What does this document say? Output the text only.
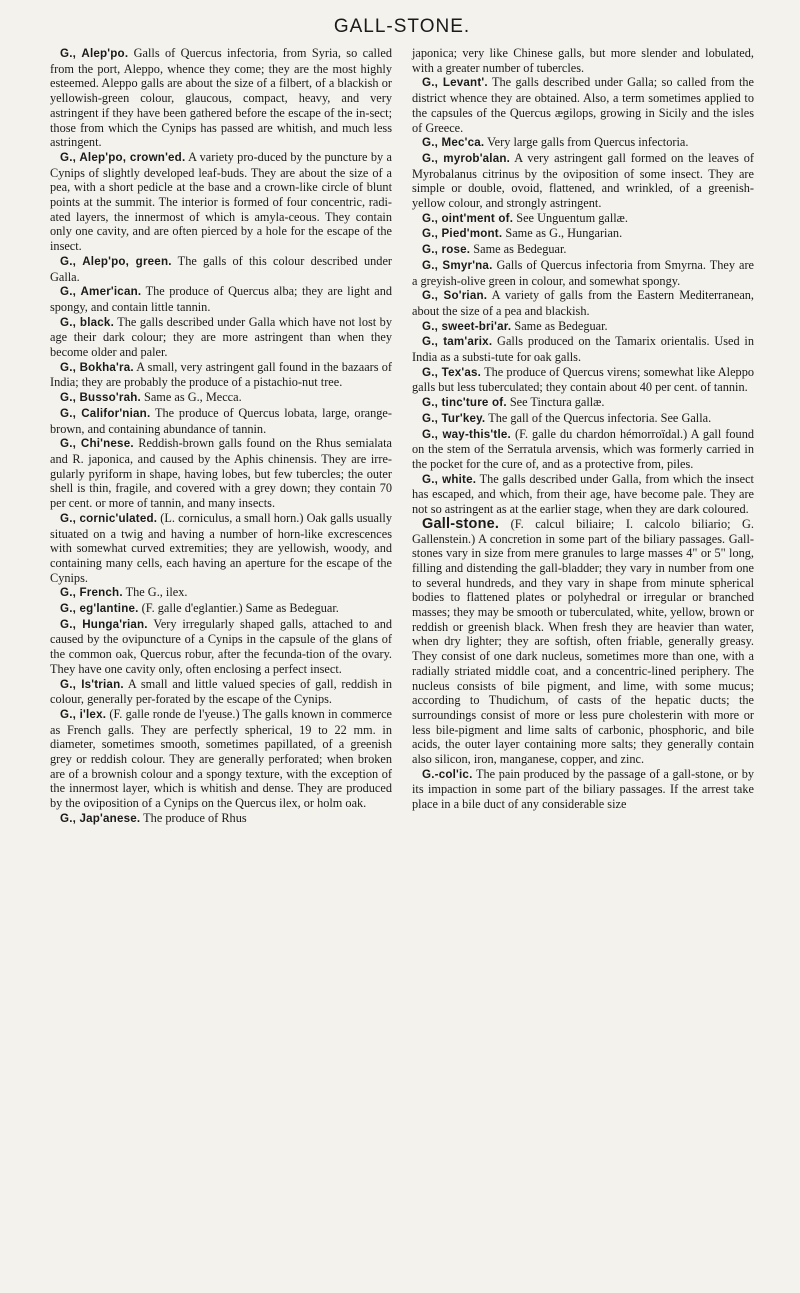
GALL-STONE.

G., Alep'po. Galls of Quercus infectoria, from Syria, so called from the port, Aleppo, whence they come; they are the most highly esteemed. Aleppo galls are about the size of a filbert, of a blackish or yellowish-green colour, glaucous, compact, heavy, and very astringent if they have been gathered before the escape of the in-sect; those from which the Cynips has passed are whitish, and much less astringent.

G., Alep'po, crown'ed. A variety pro-duced by the puncture by a Cynips of slightly developed leaf-buds. They are about the size of a pea, with a short pedicle at the base and a crown-like circle of blunt points at the summit. The interior is formed of four concentric, radi-ated layers, the innermost of which is amyla-ceous. They contain only one cavity, and are often pierced by a hole for the escape of the insect.

G., Alep'po, green. The galls of this colour described under Galla.

G., Amer'ican. The produce of Quercus alba; they are light and spongy, and contain little tannin.

G., black. The galls described under Galla which have not lost by age their dark colour; they are more astringent than when they become older and paler.

G., Bokha'ra. A small, very astringent gall found in the bazaars of India; they are probably the produce of a pistachio-nut tree.

G., Busso'rah. Same as G., Mecca.

G., Califor'nian. The produce of Quercus lobata, large, orange-brown, and containing abundance of tannin.

G., Chi'nese. Reddish-brown galls found on the Rhus semialata and R. japonica, and caused by the Aphis chinensis. They are irre-gularly pyriform in shape, having lobes, but few tubercles; the outer shell is thin, fragile, and covered with a grey down; they contain 70 per cent. or more of tannin, and many insects.

G., cornic'ulated. (L. corniculus, a small horn.) Oak galls usually situated on a twig and having a number of horn-like excrescences with somewhat curved extremities; they are yellowish, woody, and containing many cells, each having an aperture for the escape of the Cynips.

G., French. The G., ilex.

G., eg'lantine. (F. galle d'eglantier.) Same as Bedeguar.

G., Hunga'rian. Very irregularly shaped galls, attached to and caused by the ovipuncture of a Cynips in the capsule of the glans of the common oak, Quercus robur, after the fecunda-tion of the ovary. They have one cavity only, often enclosing a perfect insect.

G., Is'trian. A small and little valued species of gall, reddish in colour, generally per-forated by the escape of the Cynips.

G., i'lex. (F. galle ronde de l'yeuse.) The galls known in commerce as French galls. They are perfectly spherical, 19 to 22 mm. in diameter, sometimes smooth, sometimes papillated, of a greenish grey or reddish colour. They are generally perforated; when broken are of a brownish colour and a spongy texture, with the exception of the innermost layer, which is whitish and dense. They are produced by the oviposition of a Cynips on the Quercus ilex, or holm oak.

G., Jap'anese. The produce of Rhus

japonica; very like Chinese galls, but more slender and lobulated, with a greater number of tubercles.

G., Levant'. The galls described under Galla; so called from the district whence they are obtained. Also, a term sometimes applied to the capsules of the Quercus ægilops, growing in Sicily and the isles of Greece.

G., Mec'ca. Very large galls from Quercus infectoria.

G., myrob'alan. A very astringent gall formed on the leaves of Myrobalanus citrinus by the oviposition of some insect. They are simple or double, ovoid, flattened, and wrinkled, of a greenish-yellow colour, and strongly astringent.

G., oint'ment of. See Unguentum gallæ.

G., Pied'mont. Same as G., Hungarian.

G., rose. Same as Bedeguar.

G., Smyr'na. Galls of Quercus infectoria from Smyrna. They are a greyish-olive green in colour, and somewhat spongy.

G., So'rian. A variety of galls from the Eastern Mediterranean, about the size of a pea and blackish.

G., sweet-bri'ar. Same as Bedeguar.

G., tam'arix. Galls produced on the Tamarix orientalis. Used in India as a substi-tute for oak galls.

G., Tex'as. The produce of Quercus virens; somewhat like Aleppo galls but less tuberculated; they contain about 40 per cent. of tannin.

G., tinc'ture of. See Tinctura gallæ.

G., Tur'key. The gall of the Quercus infectoria. See Galla.

G., way-this'tle. (F. galle du chardon hémorroïdal.) A gall found on the stem of the Serratula arvensis, which was formerly carried in the pocket for the cure of, and as a protective from, piles.

G., white. The galls described under Galla, from which the insect has escaped, and which, from their age, have become pale. They are not so astringent as at the earlier stage, when they are dark coloured.

Gall-stone. (F. calcul biliaire; I. calcolo biliario; G. Gallenstein.) A concretion in some part of the biliary passages. Gall-stones vary in size from mere granules to large masses 4" or 5" long, filling and distending the gall-bladder; they vary in number from one to several hundreds, and they vary in shape from minute spherical bodies to flattened plates or polyhedral or irregular or branched masses; they may be smooth or tuberculated, white, yellow, brown or reddish or greenish black. When fresh they are heavier than water, when dry lighter; they are softish, often friable, generally greasy. They consist of one dark nucleus, sometimes more than one, with a radially striated middle coat, and a concentric-lined periphery. The nucleus consists of bile pigment, and lime, with some mucus; according to Thudichum, of casts of the hepatic ducts; the surroundings consist of more or less pure cholesterin with more or less bile-pigment and lime salts of carbonic, phosphoric, and bile acids, the outer layer containing more salts; they generally contain also silicon, iron, manganese, copper, and zinc.

G.-col'ic. The pain produced by the passage of a gall-stone, or by its impaction in some part of the biliary passages. If the arrest take place in a bile duct of any considerable size
